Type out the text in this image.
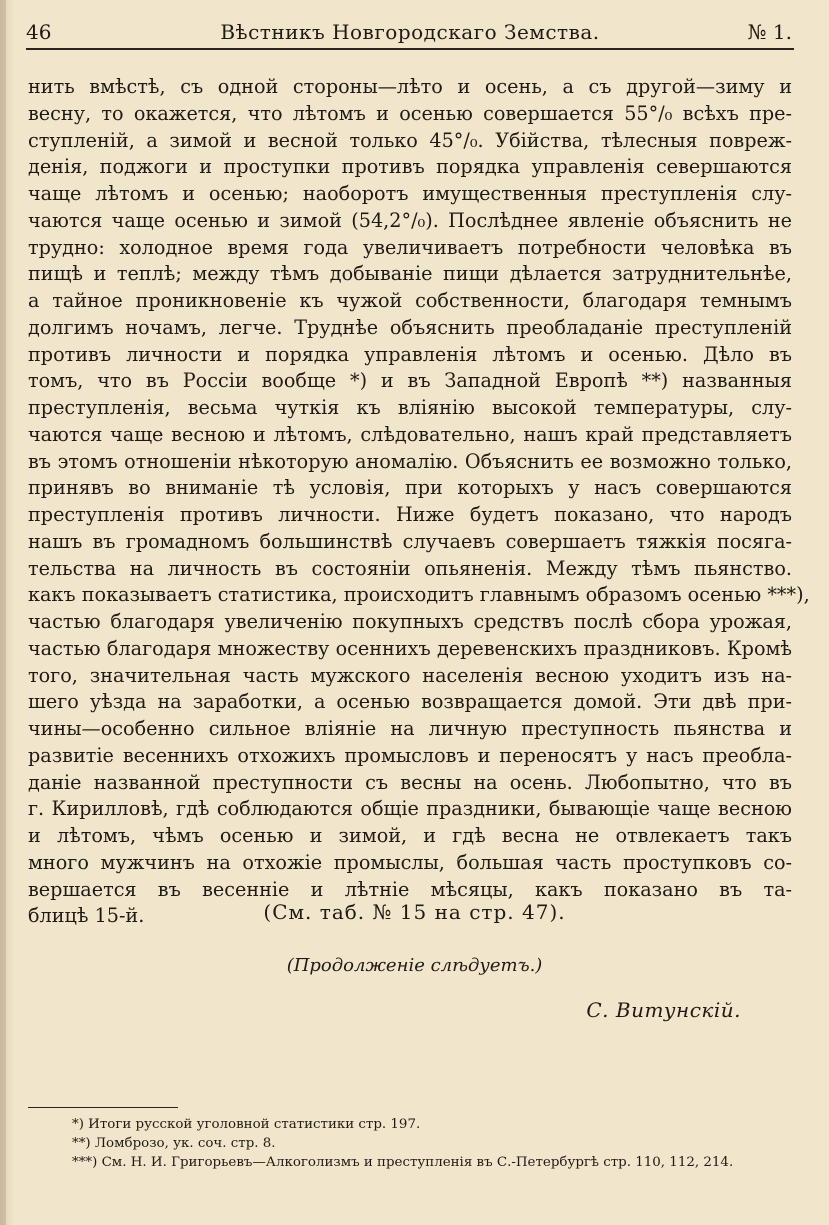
46	Вѣстникъ Новгородскаго Земства.	№ 1.
нить вмѣстѣ, съ одной стороны—лѣто и осень, а съ другой—зиму и
весну, то окажется, что лѣтомъ и осенью совершается 55°/₀ всѣхъ пре-
ступленій, а зимой и весной только 45°/₀. Убійства, тѣлесныя повреж-
денія, поджоги и проступки противъ порядка управленія севершаются
чаще лѣтомъ и осенью; наоборотъ имущественныя преступленія слу-
чаются чаще осенью и зимой (54,2°/₀). Послѣднее явленіе объяснить не
трудно: холодное время года увеличиваетъ потребности человѣка въ
пищѣ и теплѣ; между тѣмъ добываніе пищи дѣлается затруднительнѣе,
а тайное проникновеніе къ чужой собственности, благодаря темнымъ
долгимъ ночамъ, легче. Труднѣе объяснить преобладаніе преступленій
противъ личности и порядка управленія лѣтомъ и осенью. Дѣло въ
томъ, что въ Россіи вообще *) и въ Западной Европѣ **) названныя
преступленія, весьма чуткія къ вліянію высокой температуры, слу-
чаются чаще весною и лѣтомъ, слѣдовательно, нашъ край представляетъ
въ этомъ отношеніи нѣкоторую аномалію. Объяснить ее возможно только,
принявъ во вниманіе тѣ условія, при которыхъ у насъ совершаются
преступленія противъ личности. Ниже будетъ показано, что народъ
нашъ въ громадномъ большинствѣ случаевъ совершаетъ тяжкія посяга-
тельства на личность въ состояніи опьяненія. Между тѣмъ пьянство.
какъ показываетъ статистика, происходитъ главнымъ образомъ осенью ***),
частью благодаря увеличенію покупныхъ средствъ послѣ сбора урожая,
частью благодаря множеству осеннихъ деревенскихъ праздниковъ. Кромѣ
того, значительная часть мужского населенія весною уходитъ изъ на-
шего уѣзда на заработки, а осенью возвращается домой. Эти двѣ при-
чины—особенно сильное вліяніе на личную преступность пьянства и
развитіе весеннихъ отхожихъ промысловъ и переносятъ у насъ преобла-
даніе названной преступности съ весны на осень. Любопытно, что въ
г. Кирилловѣ, гдѣ соблюдаются общіе праздники, бывающіе чаще весною
и лѣтомъ, чѣмъ осенью и зимой, и гдѣ весна не отвлекаетъ такъ
много мужчинъ на отхожіе промыслы, большая часть проступковъ со-
вершается въ весенніе и лѣтніе мѣсяцы, какъ показано въ та-
блицѣ 15-й.	(См. таб. № 15 на стр. 47).
(Продолженіе слѣдуетъ.)
С. Витунскій.
*) Итоги русской уголовной статистики стр. 197.
**) Ломброзо, ук. соч. стр. 8.
***) См. Н. И. Григорьевъ—Алкоголизмъ и преступленія въ С.-Петербургѣ стр. 110, 112, 214.
